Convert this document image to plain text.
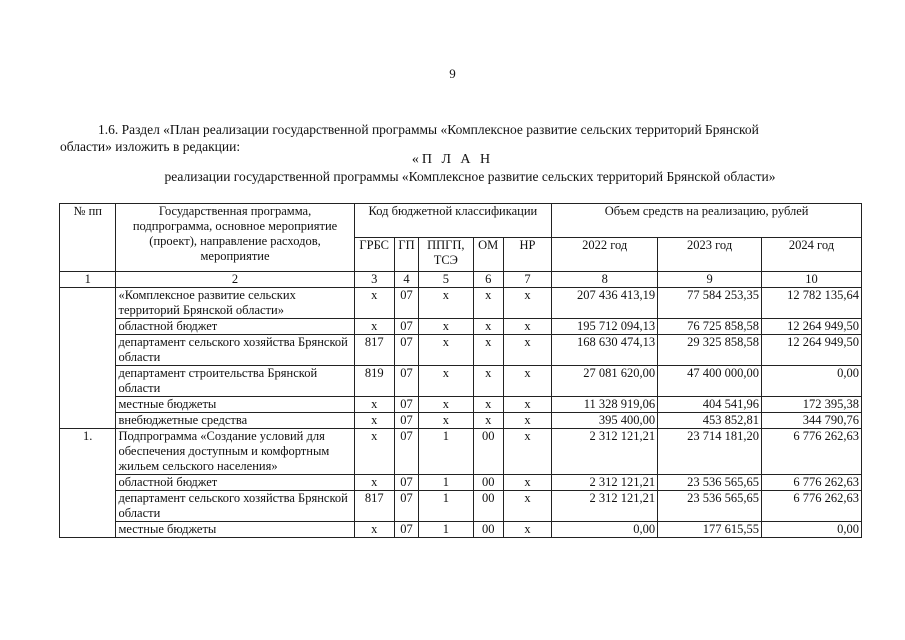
9
1.6. Раздел «План реализации государственной программы «Комплексное развитие сельских территорий Брянской
области» изложить в редакции:
«П Л А Н
реализации государственной программы «Комплексное развитие сельских территорий Брянской области»
№ пп	Государственная программа, подпрограмма, основное мероприятие (проект), направление расходов, мероприятие	Код бюджетной классификации					Объем средств на реализацию, рублей		
		ГРБС	ГП	ППГП, ТСЭ	ОМ	НР	2022 год	2023 год	2024 год
1	2	3	4	5	6	7	8	9	10
	«Комплексное развитие сельских территорий Брянской области»	х	07	х	х	х	207 436 413,19	77 584 253,35	12 782 135,64
	областной бюджет	х	07	х	х	х	195 712 094,13	76 725 858,58	12 264 949,50
	департамент сельского хозяйства Брянской области	817	07	х	х	х	168 630 474,13	29 325 858,58	12 264 949,50
	департамент строительства Брянской области	819	07	х	х	х	27 081 620,00	47 400 000,00	0,00
	местные бюджеты	х	07	х	х	х	11 328 919,06	404 541,96	172 395,38
	внебюджетные средства	х	07	х	х	х	395 400,00	453 852,81	344 790,76
1.	Подпрограмма «Создание условий для обеспечения доступным и комфортным жильем сельского населения»	х	07	1	00	х	2 312 121,21	23 714 181,20	6 776 262,63
	областной бюджет	х	07	1	00	х	2 312 121,21	23 536 565,65	6 776 262,63
	департамент сельского хозяйства Брянской области	817	07	1	00	х	2 312 121,21	23 536 565,65	6 776 262,63
	местные бюджеты	х	07	1	00	х	0,00	177 615,55	0,00
